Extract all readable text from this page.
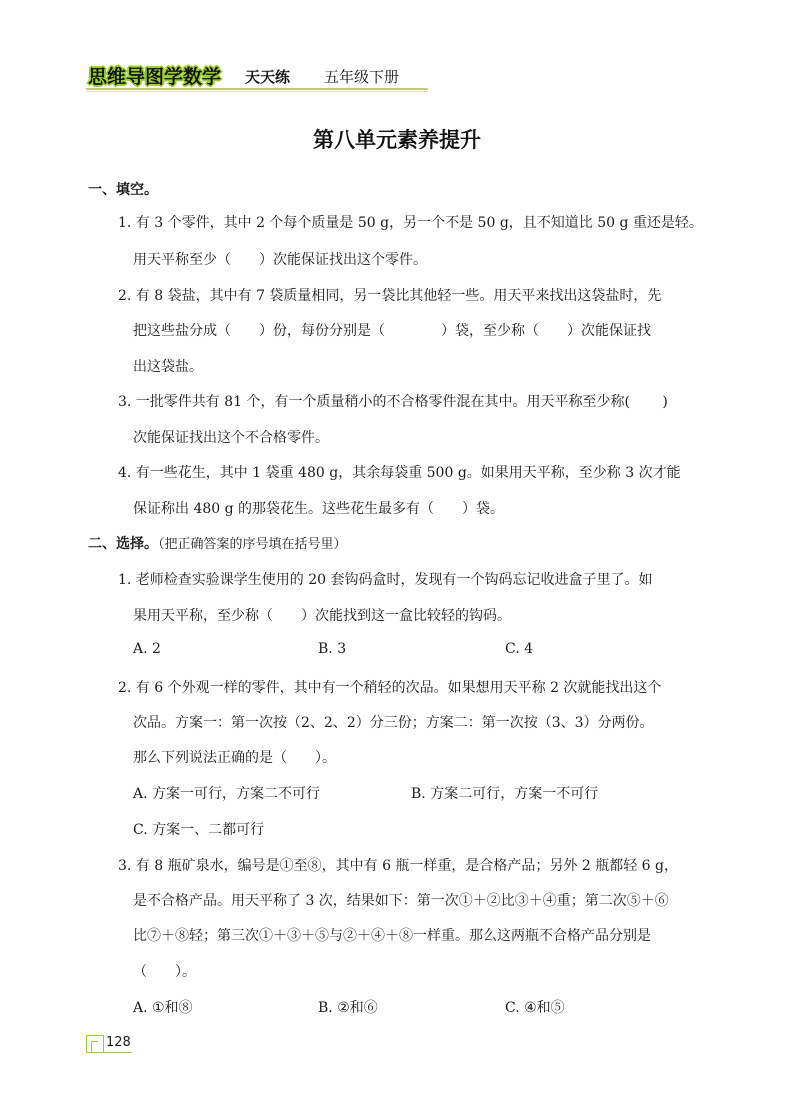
思维导图学数学 天天练 五年级下册
第八单元素养提升
一、填空。
1. 有 3 个零件，其中 2 个每个质量是 50 g，另一个不是 50 g，且不知道比 50 g 重还是轻。
用天平称至少（　　）次能保证找出这个零件。
2. 有 8 袋盐，其中有 7 袋质量相同，另一袋比其他轻一些。用天平来找出这袋盐时，先
把这些盐分成（　　）份，每份分别是（　　　　）袋，至少称（　　）次能保证找
出这袋盐。
3. 一批零件共有 81 个，有一个质量稍小的不合格零件混在其中。用天平称至少称(　　 )
次能保证找出这个不合格零件。
4. 有一些花生，其中 1 袋重 480 g，其余每袋重 500 g。如果用天平称，至少称 3 次才能
保证称出 480 g 的那袋花生。这些花生最多有（　　）袋。
二、选择。（把正确答案的序号填在括号里）
1. 老师检查实验课学生使用的 20 套钩码盒时，发现有一个钩码忘记收进盒子里了。如
果用天平称，至少称（　　）次能找到这一盒比较轻的钩码。
A. 2	B. 3	C. 4
2. 有 6 个外观一样的零件，其中有一个稍轻的次品。如果想用天平称 2 次就能找出这个
次品。方案一：第一次按（2、2、2）分三份；方案二：第一次按（3、3）分两份。
那么下列说法正确的是（　　）。
A. 方案一可行，方案二不可行	B. 方案二可行，方案一不可行
C. 方案一、二都可行
3. 有 8 瓶矿泉水，编号是①至⑧，其中有 6 瓶一样重，是合格产品；另外 2 瓶都轻 6 g，
是不合格产品。用天平称了 3 次，结果如下：第一次①＋②比③＋④重；第二次⑤＋⑥
比⑦＋⑧轻；第三次①＋③＋⑤与②＋④＋⑧一样重。那么这两瓶不合格产品分别是
（　　）。
A. ①和⑧	B. ②和⑥	C. ④和⑤
128
